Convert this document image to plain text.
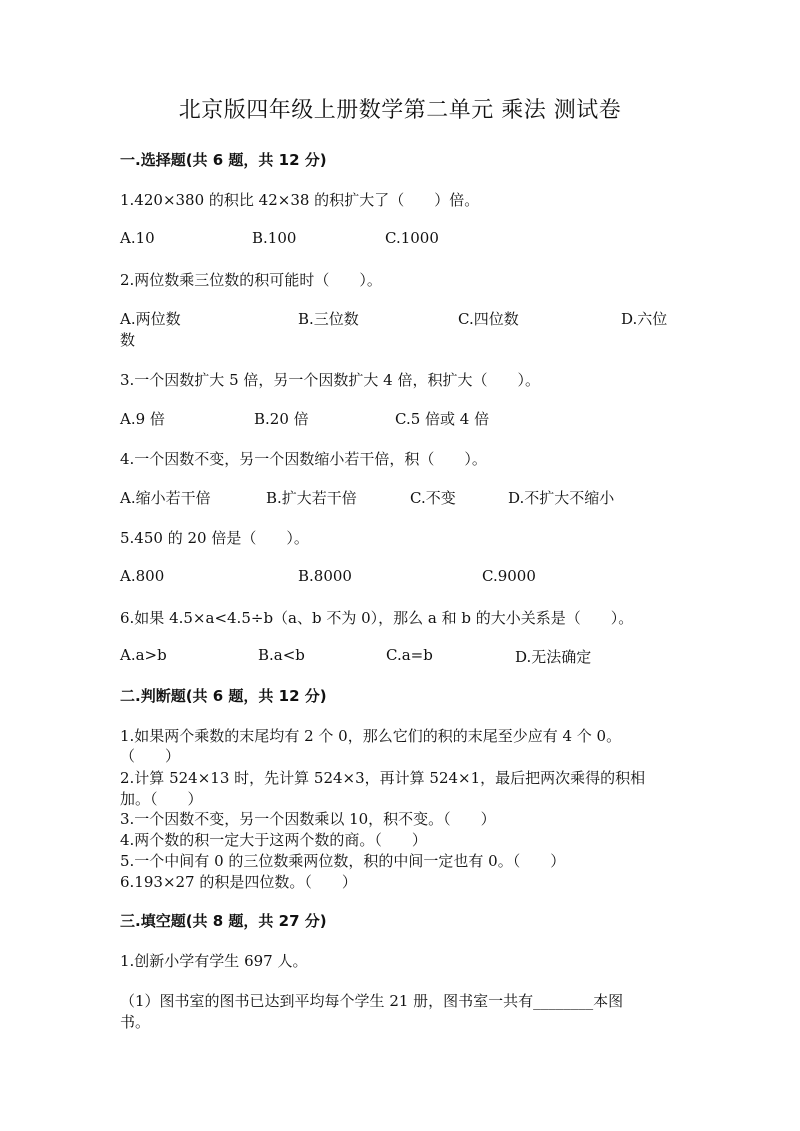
北京版四年级上册数学第二单元 乘法 测试卷
一.选择题(共 6 题，共 12 分)
1.420×380 的积比 42×38 的积扩大了（　　）倍。
A.10	B.100	C.1000
2.两位数乘三位数的积可能时（　　）。
A.两位数	B.三位数	C.四位数	D.六位
数
3.一个因数扩大 5 倍，另一个因数扩大 4 倍，积扩大（　　）。
A.9 倍	B.20 倍	C.5 倍或 4 倍
4.一个因数不变，另一个因数缩小若干倍，积（　　）。
A.缩小若干倍	B.扩大若干倍	C.不变	D.不扩大不缩小
5.450 的 20 倍是（　　）。
A.800	B.8000	C.9000
6.如果 4.5×a<4.5÷b（a、b 不为 0），那么 a 和 b 的大小关系是（　　）。
A.a>b	B.a<b	C.a=b	D.无法确定
二.判断题(共 6 题，共 12 分)
1.如果两个乘数的末尾均有 2 个 0，那么它们的积的末尾至少应有 4 个 0。
（　　）
2.计算 524×13 时，先计算 524×3，再计算 524×1，最后把两次乘得的积相
加。（　　）
3.一个因数不变，另一个因数乘以 10，积不变。（　　）
4.两个数的积一定大于这两个数的商。（　　）
5.一个中间有 0 的三位数乘两位数，积的中间一定也有 0。（　　）
6.193×27 的积是四位数。（　　）
三.填空题(共 8 题，共 27 分)
1.创新小学有学生 697 人。
（1）图书室的图书已达到平均每个学生 21 册，图书室一共有________本图
书。
